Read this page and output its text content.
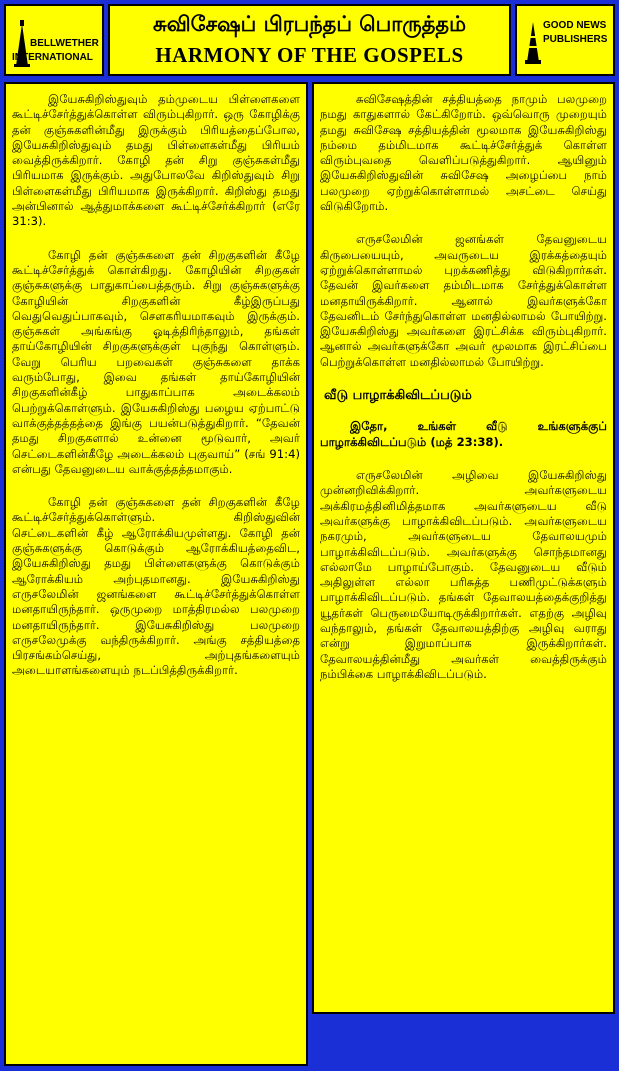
BELLWETHER
INTERNATIONAL
சுவிசேஷப் பிரபந்தப் பொருத்தம்
HARMONY OF THE GOSPELS
GOOD NEWS
PUBLISHERS

இயேசுகிறிஸ்துவும் தம்முடைய பிள்ளைகளை கூட்டிச்சேர்த்துக்கொள்ள விரும்புகிறார். ஒரு கோழிக்கு தன் குஞ்சுகளின்மீது இருக்கும் பிரியத்தைப்போல, இயேசுகிறிஸ்துவும் தமது பிள்ளைகள்மீது பிரியம் வைத்திருக்கிறார். கோழி தன் சிறு குஞ்சுகள்மீது பிரியமாக இருக்கும். அதுபோலவே கிறிஸ்துவும் சிறு பிள்ளைகள்மீது பிரியமாக இருக்கிறார். கிறிஸ்து தமது அன்பினால் ஆத்துமாக்களை கூட்டிச்சேர்க்கிறார் (எரே 31:3).

கோழி தன் குஞ்சுகளை தன் சிறகுகளின் கீழே கூட்டிச்சேர்த்துக் கொள்கிறது. கோழியின் சிறகுகள் குஞ்சுகளுக்கு பாதுகாப்பைத்தரும். சிறு குஞ்சுகளுக்கு கோழியின் சிறகுகளின் கீழ்இருப்பது வெதுவெதுப்பாகவும், சௌகரியமாகவும் இருக்கும். குஞ்சுகள் அங்கங்கு ஓடித்திரிந்தாலும், தங்கள் தாய்கோழியின் சிறகுகளுக்குள் புகுந்து கொள்ளும். வேறு பெரிய பறவைகள் குஞ்சுகளை தாக்க வரும்போது, இவை தங்கள் தாய்கோழியின் சிறகுகளின்கீழ் பாதுகாப்பாக அடைக்கலம் பெற்றுக்கொள்ளும். இயேசுகிறிஸ்து பழைய ஏற்பாட்டு வாக்குத்தத்தத்தை இங்கு பயன்படுத்துகிறார். “தேவன் தமது சிறகுகளால் உன்னை மூடுவார், அவர் செட்டைகளின்கீழே அடைக்கலம் புகுவாய்” (சங் 91:4) என்பது தேவனுடைய வாக்குத்தத்தமாகும்.

கோழி தன் குஞ்சுகளை தன் சிறகுகளின் கீழே கூட்டிச்சேர்த்துக்கொள்ளும். கிறிஸ்துவின் செட்டைகளின் கீழ் ஆரோக்கியமுள்ளது. கோழி தன் குஞ்சுகளுக்கு கொடுக்கும் ஆரோக்கியத்தைவிட, இயேசுகிறிஸ்து தமது பிள்ளைகளுக்கு கொடுக்கும் ஆரோக்கியம் அற்புதமானது. இயேசுகிறிஸ்து எருசலேமின் ஜனங்களை கூட்டிச்சேர்த்துக்கொள்ள மனதாயிருந்தார். ஒருமுறை மாத்திரமல்ல பலமுறை மனதாயிருந்தார். இயேசுகிறிஸ்து பலமுறை எருசலேமுக்கு வந்திருக்கிறார். அங்கு சத்தியத்தை பிரசங்கம்செய்து, அற்புதங்களையும் அடையாளங்களையும் நடப்பித்திருக்கிறார்.

சுவிசேஷத்தின் சத்தியத்தை நாமும் பலமுறை நமது காதுகளால் கேட்கிறோம். ஒவ்வொரு முறையும் தமது சுவிசேஷ சத்தியத்தின் மூலமாக இயேசுகிறிஸ்து நம்மை தம்மிடமாக கூட்டிச்சேர்த்துக் கொள்ள விரும்புவதை வெளிப்படுத்துகிறார். ஆயினும் இயேசுகிறிஸ்துவின் சுவிசேஷ அழைப்பை நாம் பலமுறை ஏற்றுக்கொள்ளாமல் அசட்டை செய்து விடுகிறோம்.

எருசலேமின் ஜனங்கள் தேவனுடைய கிருபையையும், அவருடைய இரக்கத்தையும் ஏற்றுக்கொள்ளாமல் புறக்கணித்து விடுகிறார்கள். தேவன் இவர்களை தம்மிடமாக சேர்த்துக்கொள்ள மனதாயிருக்கிறார். ஆனால் இவர்களுக்கோ தேவனிடம் சேர்ந்துகொள்ள மனதில்லாமல் போயிற்று. இயேசுகிறிஸ்து அவர்களை இரட்சிக்க விரும்புகிறார். ஆனால் அவர்களுக்கோ அவர் மூலமாக இரட்சிப்பை பெற்றுக்கொள்ள மனதில்லாமல் போயிற்று.

வீடு பாழாக்கிவிடப்படும்

இதோ, உங்கள் வீடு உங்களுக்குப் பாழாக்கிவிடப்படும் (மத் 23:38).

எருசலேமின் அழிவை இயேசுகிறிஸ்து முன்னறிவிக்கிறார். அவர்களுடைய அக்கிரமத்தினிமித்தமாக அவர்களுடைய வீடு அவர்களுக்கு பாழாக்கிவிடப்படும். அவர்களுடைய நகரமும், அவர்களுடைய தேவாலயமும் பாழாக்கிவிடப்படும். அவர்களுக்கு சொந்தமானது எல்லாமே பாழாய்போகும். தேவனுடைய வீடும் அதிலுள்ள எல்லா பரிசுத்த பணிமுட்டுக்களும் பாழாக்கிவிடப்படும். தங்கள் தேவாலயத்தைக்குறித்து யூதர்கள் பெருமையோடிருக்கிறார்கள். எதற்கு அழிவு வந்தாலும், தங்கள் தேவாலயத்திற்கு அழிவு வராது என்று இறுமாப்பாக இருக்கிறார்கள். தேவாலயத்தின்மீது அவர்கள் வைத்திருக்கும் நம்பிக்கை பாழாக்கிவிடப்படும்.
